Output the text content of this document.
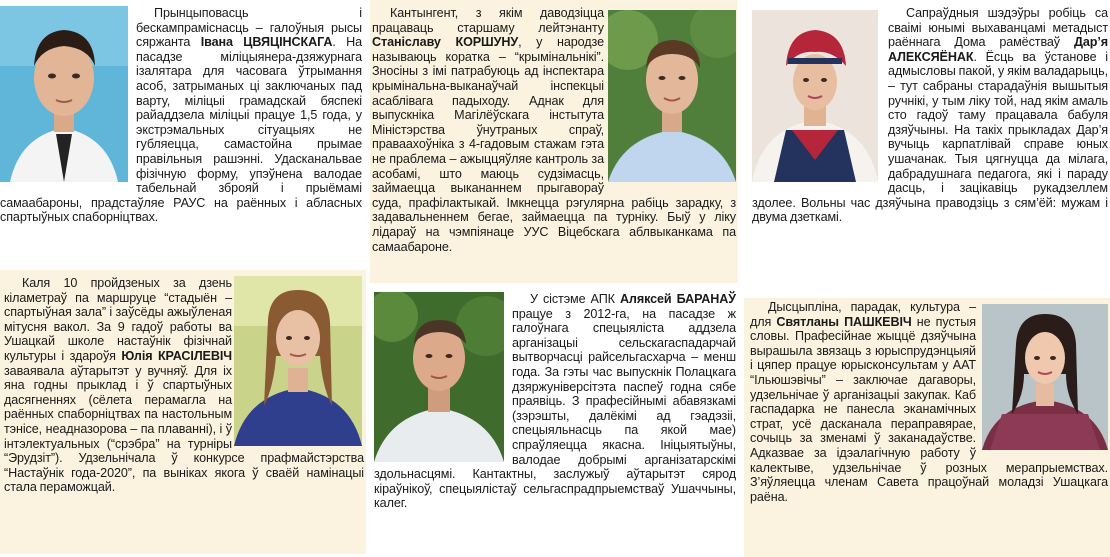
Прынцыповасць і бескампрамiснасць – галоўныя рысы сяржанта Івана ЦВЯЦІНСКАГА. На пасадзе міліцыянера-дзяжурнага ізалятара для часовага ўтрымання асоб, затрыманых ці заключаных пад варту, міліцыі грамадскай бяспекі райаддзела міліцыі працуе 1,5 года, у экстрэмальных сітуацыях не губляецца, самастойна прымае правільныя рашэнні. Удасканальвае фізічную форму, упэўнена валодае табельнай зброяй і прыёмамі самаабароны, прадстаўляе РАУС на раённых і абласных спартыўных спаборніцтвах.

Кантынгент, з якім даводзіцца працаваць старшаму лейтэнанту Станіславу КОРШУНУ, у народзе называюць коратка – “крымінальнікі”. Зносіны з імі патрабуюць ад інспектара крымінальна-выканаўчай інспекцыі асаблівага падыходу. Аднак для выпускніка Магілёўскага інстытута Міністэрства ўнутраных спраў, праваахоўніка з 4-гадовым стажам гэта не праблема – ажыццяўляе кантроль за асобамі, што маюць судзімасць, займаецца выкананнем прыгавораў суда, прафілактыкай. Імкнецца рэгулярна рабіць зарадку, з задавальненнем бегае, займаецца па турніку. Быў у ліку лідараў на чэмпіянаце УУС Віцебскага аблвыканкама па самаабароне.

Сапраўдныя шэдэўры робіць са сваімі юнымі выхаванцамі метадыст раённага Дома рамёстваў Дар’я АЛЕКСЯЁНАК. Ёсць ва ўстанове і адмысловы пакой, у якім валадарыць, – тут сабраны старадаўнія вышытыя ручнікі, у тым ліку той, над якім амаль сто гадоў таму працавала бабуля дзяўчыны. На такіх прыкладах Дар’я вучыць карпатлівай справе юных ушачанак. Тыя цягнуцца да мілага, дабрадушнага педагога, які і параду дасць, і зацікавіць рукадзеллем здолее. Вольны час дзяўчына праводзіць з сям’ёй: мужам і двума дзеткамі.

Каля 10 пройдзеных за дзень кіламетраў па маршруце “стадыён – спартыўная зала” і заўсёды ажыўленая мітусня вакол. За 9 гадоў работы ва Ушацкай школе настаўнік фізічнай культуры і здароўя Юлія КРАСІЛЕВІЧ заваявала аўтарытэт у вучняў. Для іх яна годны прыклад і ў спартыўных дасягненнях (сёлета перамагла на раённых спаборніцтвах па настольным тэнісе, неадназорова – па плаванні), і ў інтэлектуальных (“срэбра” на турніры “Эрудзіт”). Удзельнічала ў конкурсе прафмайстэрства “Настаўнік года-2020”, па выніках якога ў сваёй намінацыі стала пераможцай.

У сістэме АПК Аляксей БАРАНАЎ працуе з 2012-га, на пасадзе ж галоўнага спецыяліста аддзела арганізацыі сельскагаспадарчай вытворчасці райсельгасхарча – менш года. За гэты час выпускнік Полацкага дзяржуніверсітэта паспеў годна сябе праявіць. З прафесійнымі абавязкамі (зэрэшты, далёкімі ад гэадэзіі, спецыяльнасць па якой мае) спраўляецца якасна. Ініцыятыўны, валодае добрымі арганізатарскімі здольнасцямі. Кантактны, заслужыў аўтарытэт сярод кіраўнікоў, спецыялістаў сельгаспрадпрыемстваў Ушаччыны, калег.

Дысцыпліна, парадак, культура – для Святланы ПАШКЕВІЧ не пустыя словы. Прафесійнае жыццё дзяўчына вырашыла звязаць з юрыспрудэнцыяй і цяпер працуе юрысконсультам у ААТ “Ільюшэвічы” – заключае дагаворы, удзельнічае ў арганізацыі закупак. Каб гаспадарка не панесла эканамічных страт, усё дасканала пераправярае, сочыць за зменамі ў заканадаўстве. Адказвае за ідэалагічную работу ў калектыве, удзельнічае ў розных мерапрыемствах. З’яўляецца членам Савета працоўнай моладзі Ушацкага раёна.
